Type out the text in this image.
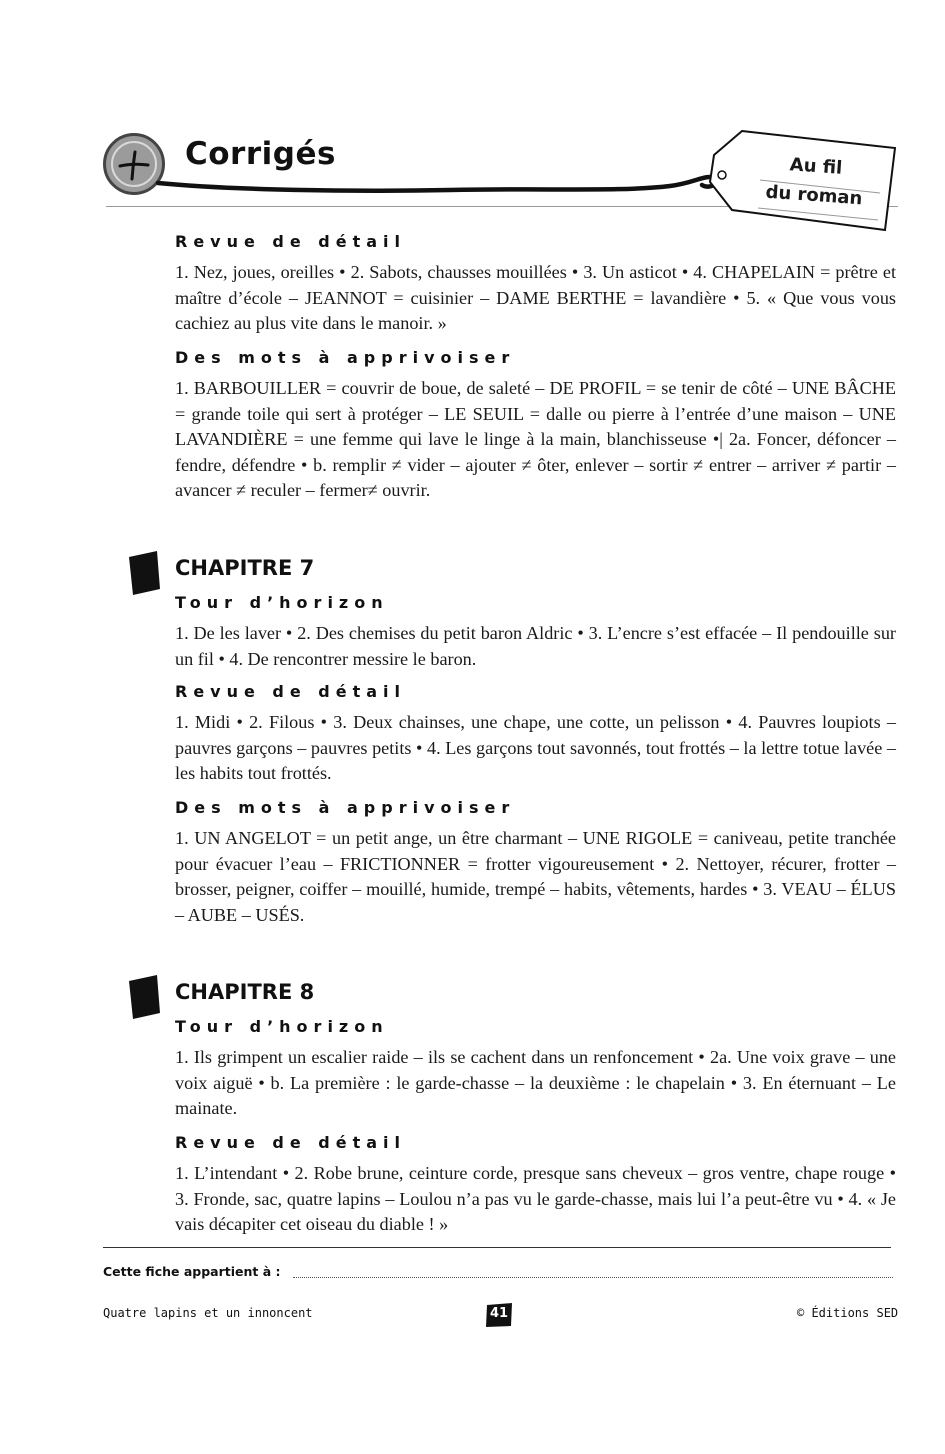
Corrigés	Au fil
du roman
Revue de détail
1. Nez, joues, oreilles • 2. Sabots, chausses mouillées • 3. Un asticot • 4. CHAPELAIN = prêtre et maître d’école – JEANNOT = cuisinier – DAME BERTHE = lavandière • 5. « Que vous vous cachiez au plus vite dans le manoir. »
Des mots à apprivoiser
1. BARBOUILLER = couvrir de boue, de saleté – DE PROFIL = se tenir de côté – UNE BÂCHE = grande toile qui sert à protéger – LE SEUIL = dalle ou pierre à l’entrée d’une maison – UNE LAVANDIÈRE = une femme qui lave le linge à la main, blanchisseuse •| 2a. Foncer, défoncer – fendre, défendre • b. remplir ≠ vider – ajouter ≠ ôter, enlever – sortir ≠ entrer – arriver ≠ partir – avancer ≠ reculer – fermer≠ ouvrir.
CHAPITRE 7
Tour d’horizon
1. De les laver • 2. Des chemises du petit baron Aldric • 3. L’encre s’est effacée – Il pendouille sur un fil • 4. De rencontrer messire le baron.
Revue de détail
1. Midi • 2. Filous • 3. Deux chainses, une chape, une cotte, un pelisson • 4. Pauvres loupiots – pauvres garçons – pauvres petits • 4. Les garçons tout savonnés, tout frottés – la lettre totue lavée – les habits tout frottés.
Des mots à apprivoiser
1. UN ANGELOT = un petit ange, un être charmant – UNE RIGOLE = caniveau, petite tranchée pour évacuer l’eau – FRICTIONNER = frotter vigoureusement • 2. Nettoyer, récurer, frotter – brosser, peigner, coiffer – mouillé, humide, trempé – habits, vêtements, hardes • 3. VEAU – ÉLUS – AUBE – USÉS.
CHAPITRE 8
Tour d’horizon
1. Ils grimpent un escalier raide – ils se cachent dans un renfoncement • 2a. Une voix grave – une voix aiguë • b. La première : le garde-chasse – la deuxième : le chapelain • 3. En éternuant – Le mainate.
Revue de détail
1. L’intendant • 2. Robe brune, ceinture corde, presque sans cheveux – gros ventre, chape rouge • 3. Fronde, sac, quatre lapins – Loulou n’a pas vu le garde-chasse, mais lui l’a peut-être vu • 4. « Je vais décapiter cet oiseau du diable ! »
Cette fiche appartient à :
Quatre lapins et un innoncent	41	© Éditions SED
